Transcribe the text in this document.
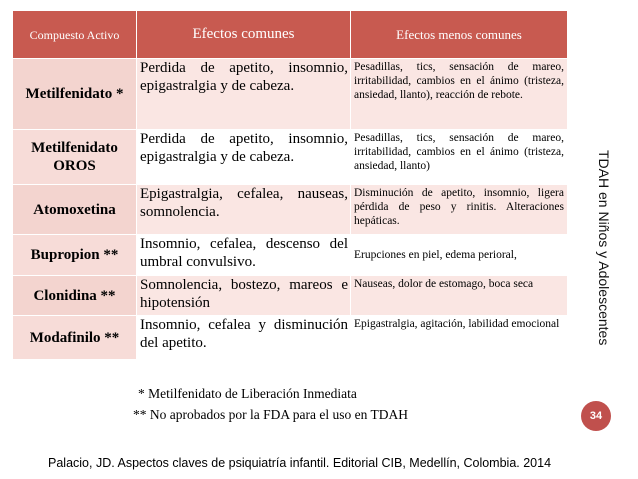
Compuesto Activo	Efectos comunes	Efectos menos comunes
Metilfenidato *	Perdida de apetito, insomnio, epigastralgia y de cabeza.	Pesadillas, tics, sensación de mareo, irritabilidad, cambios en el ánimo (tristeza, ansiedad, llanto), reacción de rebote.
Metilfenidato OROS	Perdida de apetito, insomnio, epigastralgia y de cabeza.	Pesadillas, tics, sensación de mareo, irritabilidad, cambios en el ánimo (tristeza, ansiedad, llanto)
Atomoxetina	Epigastralgia, cefalea, nauseas, somnolencia.	Disminución de apetito, insomnio, ligera pérdida de peso y rinitis. Alteraciones hepáticas.
Bupropion **	Insomnio, cefalea, descenso del umbral convulsivo.	Erupciones en piel, edema perioral,
Clonidina **	Somnolencia, bostezo, mareos e hipotensión	Nauseas, dolor de estomago, boca seca
Modafinilo **	Insomnio, cefalea y disminución del apetito.	Epigastralgia, agitación, labilidad emocional
* Metilfenidato de Liberación Inmediata
** No aprobados por la FDA para el uso en TDAH
TDAH en Niños y Adolescentes
34
Palacio, JD. Aspectos claves de psiquiatría infantil. Editorial CIB, Medellín, Colombia. 2014
